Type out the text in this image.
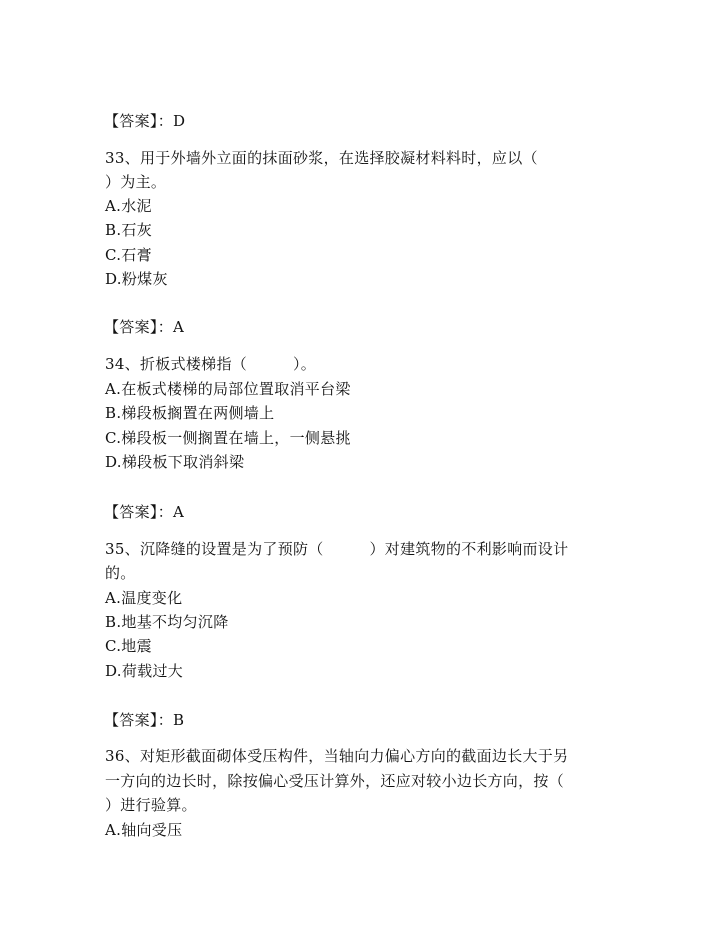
【答案】：D
33、用于外墙外立面的抹面砂浆，在选择胶凝材料料时，应以（
）为主。
A.水泥
B.石灰
C.石膏
D.粉煤灰
【答案】：A
34、折板式楼梯指（　　　）。
A.在板式楼梯的局部位置取消平台梁
B.梯段板搁置在两侧墙上
C.梯段板一侧搁置在墙上，一侧悬挑
D.梯段板下取消斜梁
【答案】：A
35、沉降缝的设置是为了预防（　　　）对建筑物的不利影响而设计
的。
A.温度变化
B.地基不均匀沉降
C.地震
D.荷载过大
【答案】：B
36、对矩形截面砌体受压构件，当轴向力偏心方向的截面边长大于另
一方向的边长时，除按偏心受压计算外，还应对较小边长方向，按（
）进行验算。
A.轴向受压
